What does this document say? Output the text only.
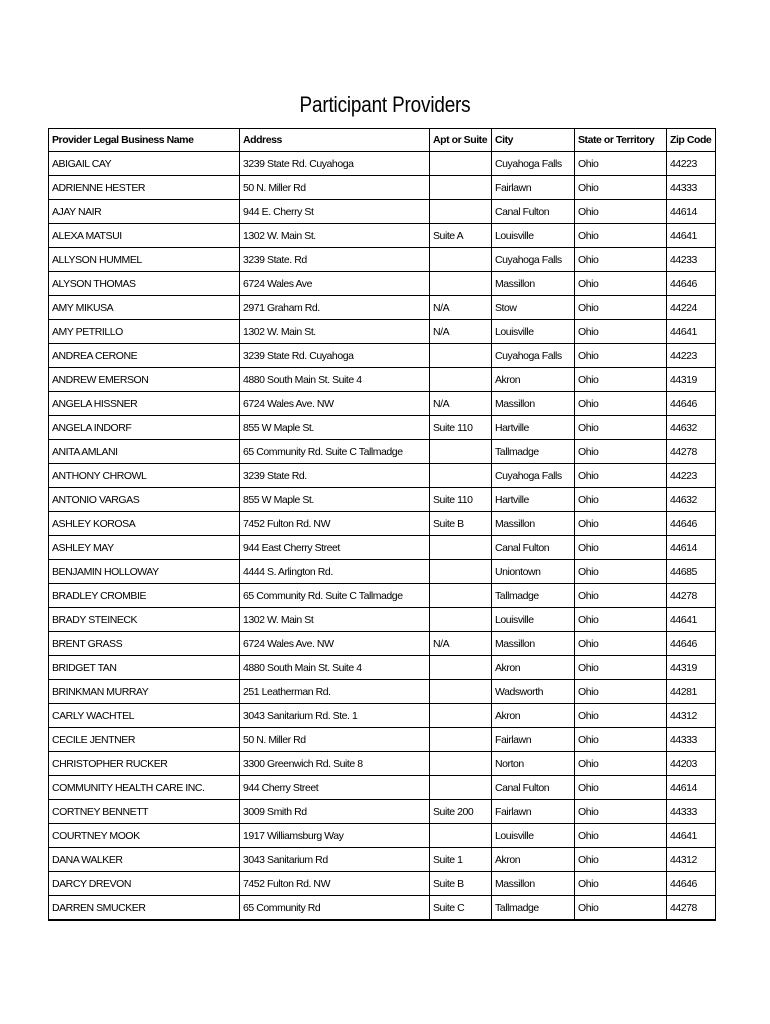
Participant Providers
Provider Legal Business Name	Address	Apt or Suite	City	State or Territory	Zip Code
ABIGAIL CAY	3239 State Rd. Cuyahoga		Cuyahoga Falls	Ohio	44223
ADRIENNE HESTER	50 N. Miller Rd		Fairlawn	Ohio	44333
AJAY NAIR	944 E. Cherry St		Canal Fulton	Ohio	44614
ALEXA MATSUI	1302 W. Main St.	Suite A	Louisville	Ohio	44641
ALLYSON HUMMEL	3239 State. Rd		Cuyahoga Falls	Ohio	44233
ALYSON THOMAS	6724 Wales Ave		Massillon	Ohio	44646
AMY MIKUSA	2971 Graham Rd.	N/A	Stow	Ohio	44224
AMY PETRILLO	1302 W. Main St.	N/A	Louisville	Ohio	44641
ANDREA CERONE	3239 State Rd. Cuyahoga		Cuyahoga Falls	Ohio	44223
ANDREW EMERSON	4880 South Main St. Suite 4		Akron	Ohio	44319
ANGELA HISSNER	6724 Wales Ave. NW	N/A	Massillon	Ohio	44646
ANGELA INDORF	855 W Maple St.	Suite 110	Hartville	Ohio	44632
ANITA AMLANI	65 Community Rd. Suite C Tallmadge		Tallmadge	Ohio	44278
ANTHONY CHROWL	3239 State Rd.		Cuyahoga Falls	Ohio	44223
ANTONIO VARGAS	855 W Maple St.	Suite 110	Hartville	Ohio	44632
ASHLEY KOROSA	7452 Fulton Rd. NW	Suite B	Massillon	Ohio	44646
ASHLEY MAY	944 East Cherry Street		Canal Fulton	Ohio	44614
BENJAMIN HOLLOWAY	4444 S. Arlington Rd.		Uniontown	Ohio	44685
BRADLEY CROMBIE	65 Community Rd. Suite C Tallmadge		Tallmadge	Ohio	44278
BRADY STEINECK	1302 W. Main St		Louisville	Ohio	44641
BRENT GRASS	6724 Wales Ave. NW	N/A	Massillon	Ohio	44646
BRIDGET TAN	4880 South Main St. Suite 4		Akron	Ohio	44319
BRINKMAN MURRAY	251 Leatherman Rd.		Wadsworth	Ohio	44281
CARLY WACHTEL	3043 Sanitarium Rd. Ste. 1		Akron	Ohio	44312
CECILE JENTNER	50 N. Miller Rd		Fairlawn	Ohio	44333
CHRISTOPHER RUCKER	3300 Greenwich Rd. Suite 8		Norton	Ohio	44203
COMMUNITY HEALTH CARE INC.	944 Cherry Street		Canal Fulton	Ohio	44614
CORTNEY BENNETT	3009 Smith Rd	Suite 200	Fairlawn	Ohio	44333
COURTNEY MOOK	1917 Williamsburg Way		Louisville	Ohio	44641
DANA WALKER	3043 Sanitarium Rd	Suite 1	Akron	Ohio	44312
DARCY DREVON	7452 Fulton Rd. NW	Suite B	Massillon	Ohio	44646
DARREN SMUCKER	65 Community Rd	Suite C	Tallmadge	Ohio	44278
